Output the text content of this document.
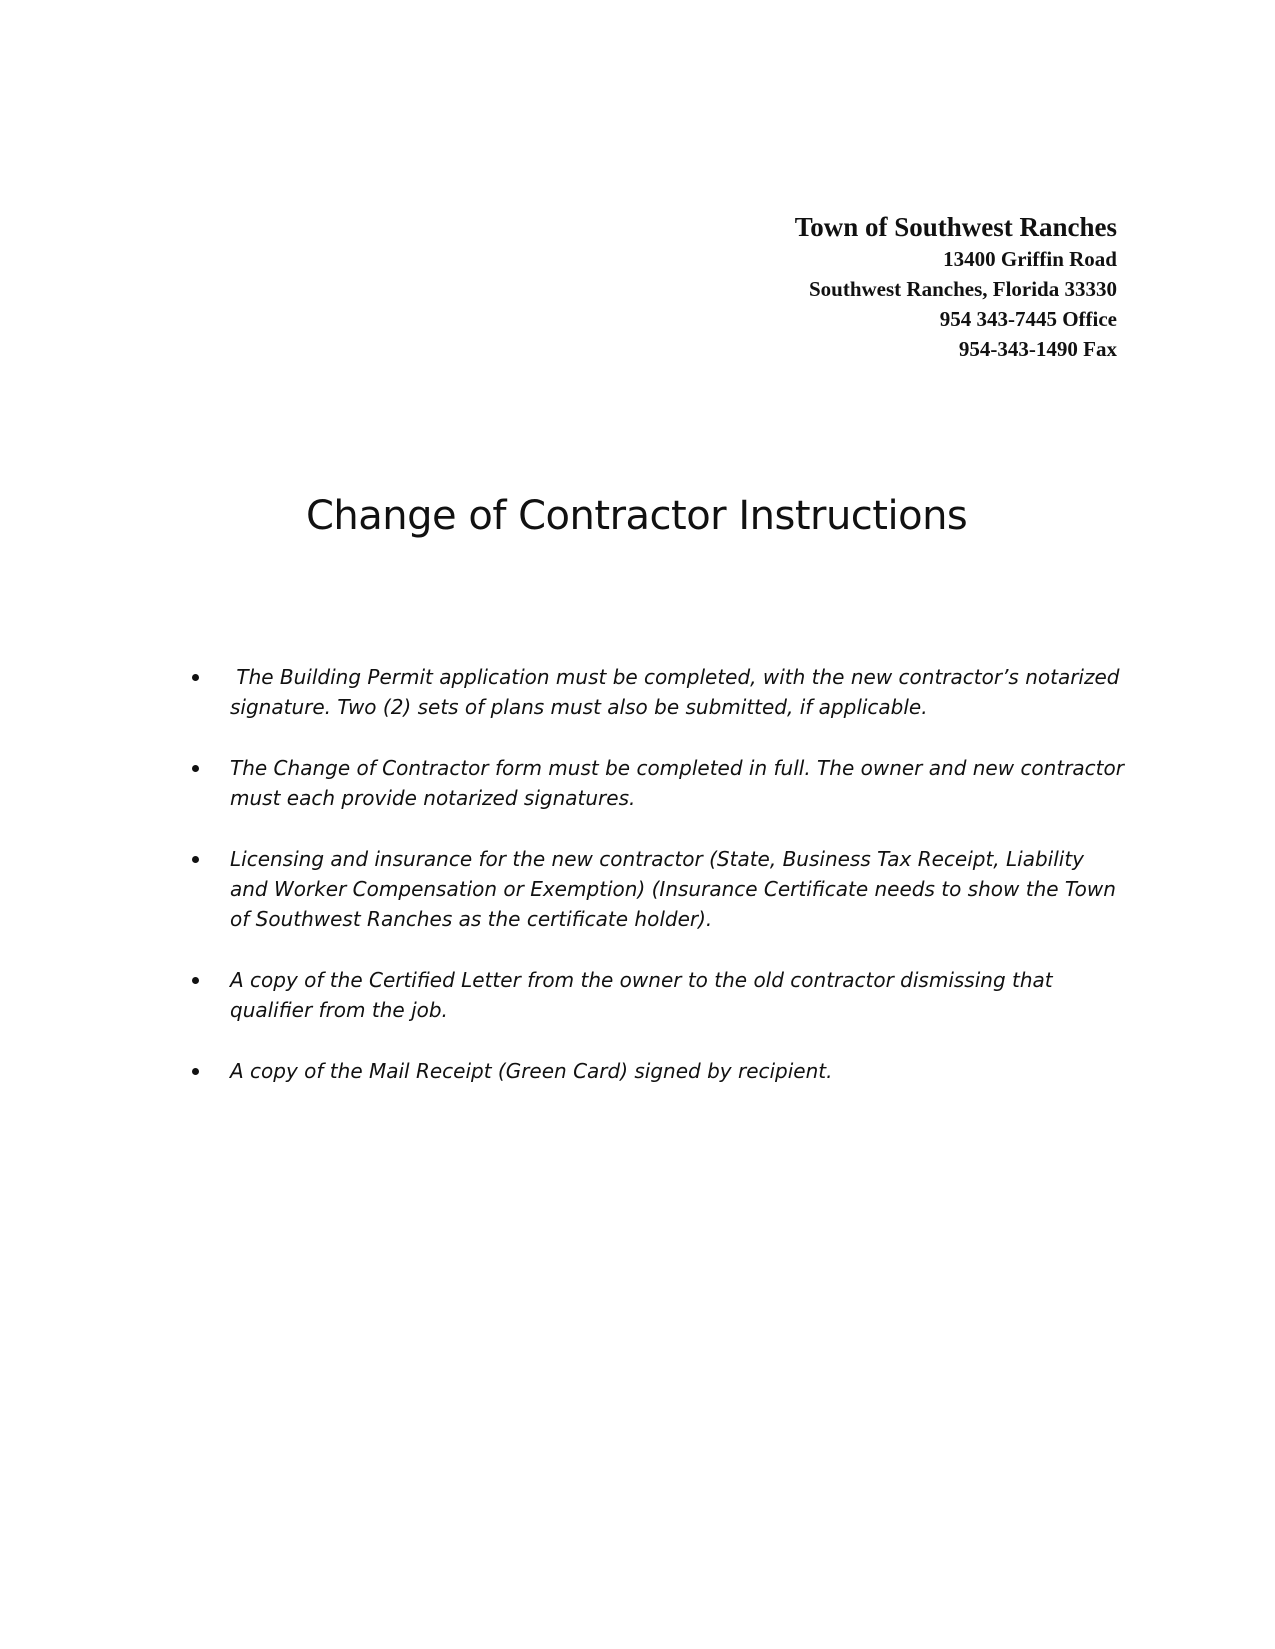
Town of Southwest Ranches
13400 Griffin Road
Southwest Ranches, Florida 33330
954 343-7445 Office
954-343-1490 Fax
Change of Contractor Instructions
The Building Permit application must be completed, with the new contractor’s notarized signature. Two (2) sets of plans must also be submitted, if applicable.
The Change of Contractor form must be completed in full. The owner and new contractor must each provide notarized signatures.
Licensing and insurance for the new contractor (State, Business Tax Receipt, Liability and Worker Compensation or Exemption) (Insurance Certificate needs to show the Town of Southwest Ranches as the certificate holder).
A copy of the Certified Letter from the owner to the old contractor dismissing that qualifier from the job.
A copy of the Mail Receipt (Green Card) signed by recipient.
